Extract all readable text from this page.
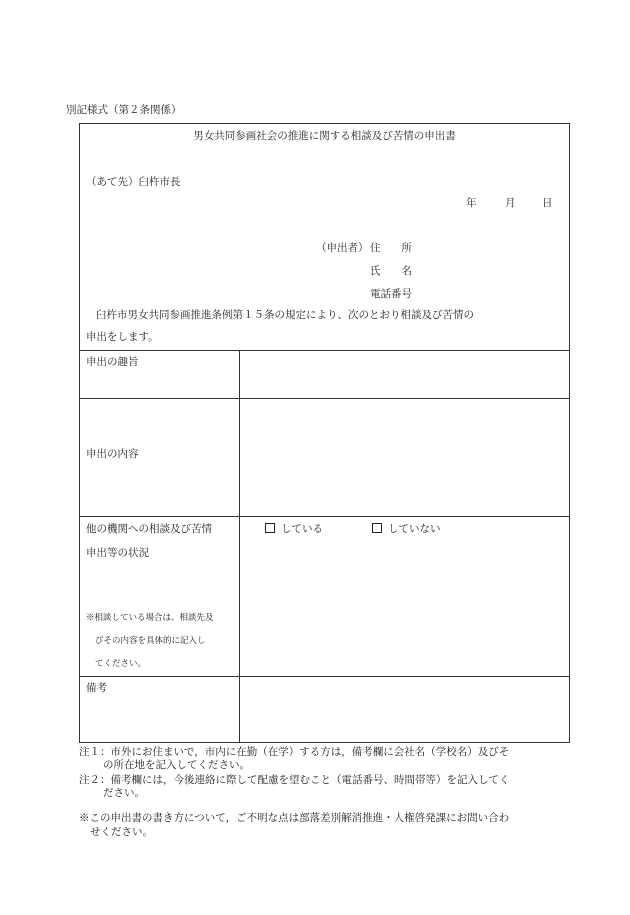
別記様式（第２条関係）
男女共同参画社会の推進に関する相談及び苦情の申出書
（あて先）臼杵市長
年	月	日
（申出者） 住　　所
氏　　名
電話番号
臼杵市男女共同参画推進条例第１５条の規定により、次のとおり相談及び苦情の
申出をします。
申出の趣旨
申出の内容
他の機関への相談及び苦情
申出等の状況
※相談している場合は、相談先及
びその内容を具体的に記入し
てください。
している	していない
備考
注１：市外にお住まいで，市内に在勤（在学）する方は，備考欄に会社名（学校名）及びそ
の所在地を記入してください。
注２：備考欄には，今後連絡に際して配慮を望むこと（電話番号、時間帯等）を記入してく
ださい。
※この申出書の書き方について，ご不明な点は部落差別解消推進・人権啓発課にお問い合わ
せください。
